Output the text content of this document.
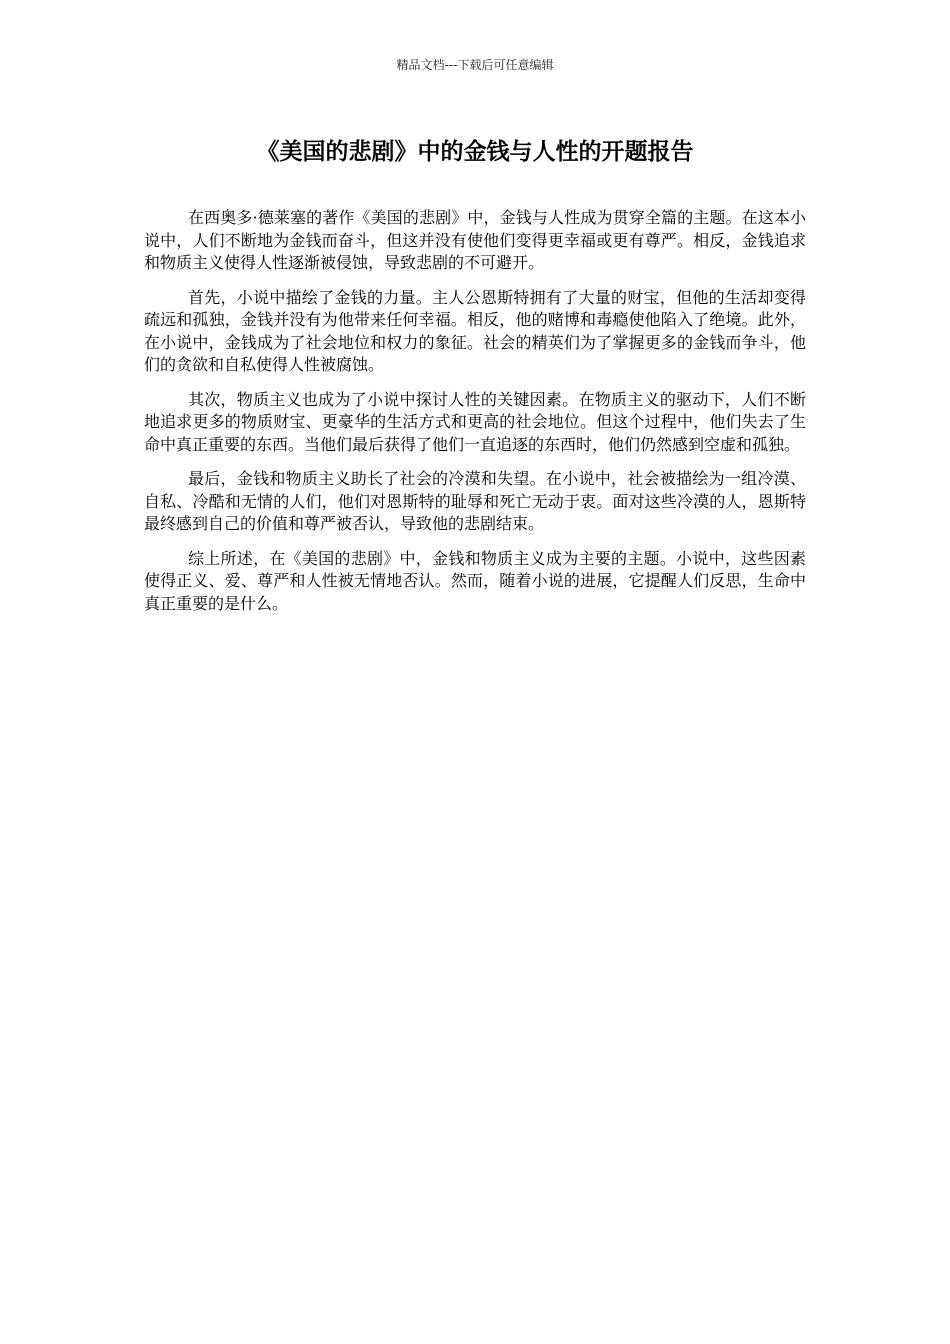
精品文档---下载后可任意编辑
《美国的悲剧》中的金钱与人性的开题报告

在西奥多·德莱塞的著作《美国的悲剧》中，金钱与人性成为贯穿全篇的主题。在这本小说中，人们不断地为金钱而奋斗，但这并没有使他们变得更幸福或更有尊严。相反，金钱追求和物质主义使得人性逐渐被侵蚀，导致悲剧的不可避开。

首先，小说中描绘了金钱的力量。主人公恩斯特拥有了大量的财宝，但他的生活却变得疏远和孤独，金钱并没有为他带来任何幸福。相反，他的赌博和毒瘾使他陷入了绝境。此外，在小说中，金钱成为了社会地位和权力的象征。社会的精英们为了掌握更多的金钱而争斗，他们的贪欲和自私使得人性被腐蚀。

其次，物质主义也成为了小说中探讨人性的关键因素。在物质主义的驱动下，人们不断地追求更多的物质财宝、更豪华的生活方式和更高的社会地位。但这个过程中，他们失去了生命中真正重要的东西。当他们最后获得了他们一直追逐的东西时，他们仍然感到空虚和孤独。

最后，金钱和物质主义助长了社会的冷漠和失望。在小说中，社会被描绘为一组冷漠、自私、冷酷和无情的人们，他们对恩斯特的耻辱和死亡无动于衷。面对这些冷漠的人，恩斯特最终感到自己的价值和尊严被否认，导致他的悲剧结束。

综上所述，在《美国的悲剧》中，金钱和物质主义成为主要的主题。小说中，这些因素使得正义、爱、尊严和人性被无情地否认。然而，随着小说的进展，它提醒人们反思，生命中真正重要的是什么。
